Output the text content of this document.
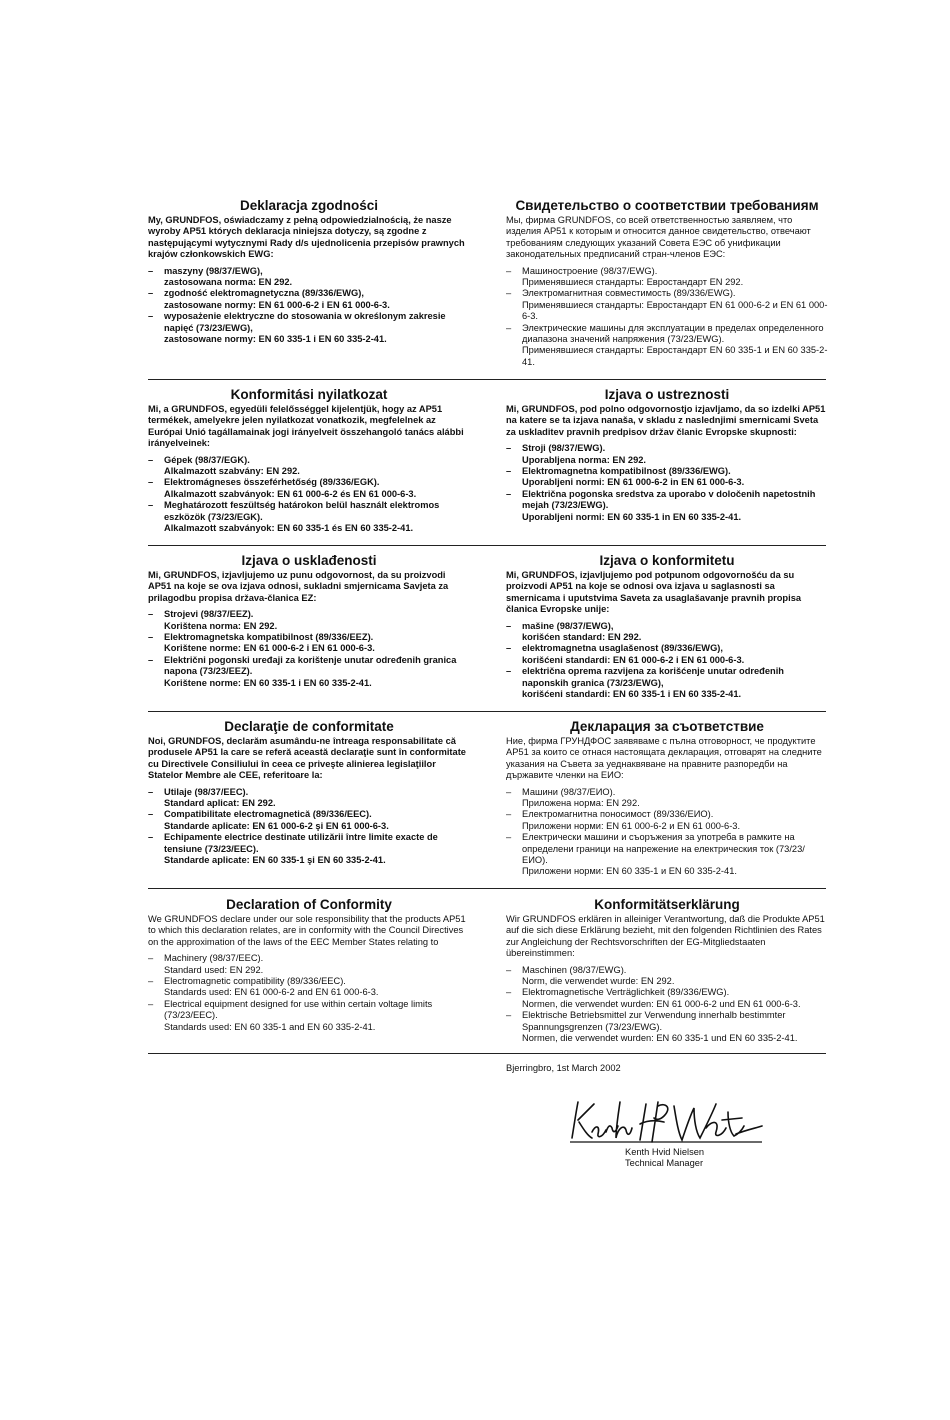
Deklaracja zgodności

My, GRUNDFOS, oświadczamy z pełną odpowiedzialnością, że nasze wyroby AP51 których deklaracja niniejsza dotyczy, są zgodne z następującymi wytycznymi Rady d/s ujednolicenia przepisów prawnych krajów członkowskich EWG:

– maszyny (98/37/EWG),
zastosowana norma: EN 292.
– zgodność elektromagnetyczna (89/336/EWG),
zastosowane normy: EN 61 000-6-2 i EN 61 000-6-3.
– wyposażenie elektryczne do stosowania w określonym zakresie napięć (73/23/EWG),
zastosowane normy: EN 60 335-1 i EN 60 335-2-41.
Свидетельство о соответствии требованиям

Мы, фирма GRUNDFOS, со всей ответственностью заявляем, что изделия AP51 к которым и относится данное свидетельство, отвечают требованиям следующих указаний Совета ЕЭС об унификации законодательных предписаний стран-членов ЕЭС:

– Машиностроение (98/37/EWG).
Применявшиеся стандарты: Евростандарт EN 292.
– Электромагнитная совместимость (89/336/EWG).
Применявшиеся стандарты: Евростандарт EN 61 000-6-2 и EN 61 000-6-3.
– Электрические машины для эксплуатации в пределах определенного диапазона значений напряжения (73/23/EWG).
Применявшиеся стандарты: Евростандарт EN 60 335-1 и EN 60 335-2-41.
Konformitási nyilatkozat

Mi, a GRUNDFOS, egyedüli felelősséggel kijelentjük, hogy az AP51 termékek, amelyekre jelen nyilatkozat vonatkozik, megfelelnek az Európai Unió tagállamainak jogi irányelveit összehangoló tanács alábbi irányelveinek:

– Gépek (98/37/EGK).
Alkalmazott szabvány: EN 292.
– Elektromágneses összeférhetőség (89/336/EGK).
Alkalmazott szabványok: EN 61 000-6-2 és EN 61 000-6-3.
– Meghatározott feszültség határokon belül használt elektromos eszközök (73/23/EGK).
Alkalmazott szabványok: EN 60 335-1 és EN 60 335-2-41.
Izjava o ustreznosti

Mi, GRUNDFOS, pod polno odgovornostjo izjavljamo, da so izdelki AP51 na katere se ta izjava nanaša, v skladu z naslednjimi smernicami Sveta za uskladitev pravnih predpisov držav članic Evropske skupnosti:

– Stroji (98/37/EWG).
Uporabljena norma: EN 292.
– Elektromagnetna kompatibilnost (89/336/EWG).
Uporabljeni normi: EN 61 000-6-2 in EN 61 000-6-3.
– Električna pogonska sredstva za uporabo v določenih napetostnih mejah (73/23/EWG).
Uporabljeni normi: EN 60 335-1 in EN 60 335-2-41.
Izjava o usklađenosti

Mi, GRUNDFOS, izjavljujemo uz punu odgovornost, da su proizvodi AP51 na koje se ova izjava odnosi, sukladni smjernicama Savjeta za prilagodbu propisa država-članica EZ:

– Strojevi (98/37/EEZ).
Korištena norma: EN 292.
– Elektromagnetska kompatibilnost (89/336/EEZ).
Korištene norme: EN 61 000-6-2 i EN 61 000-6-3.
– Električni pogonski uređaji za korištenje unutar određenih granica napona (73/23/EEZ).
Korištene norme: EN 60 335-1 i EN 60 335-2-41.
Izjava o konformitetu

Mi, GRUNDFOS, izjavljujemo pod potpunom odgovornošću da su proizvodi AP51 na koje se odnosi ova izjava u saglasnosti sa smernicama i uputstvima Saveta za usaglašavanje pravnih propisa članica Evropske unije:

– mašine (98/37/EWG),
korišćen standard: EN 292.
– elektromagnetna usaglašenost (89/336/EWG),
korišćeni standardi: EN 61 000-6-2 i EN 61 000-6-3.
– električna oprema razvijena za korišćenje unutar određenih naponskih granica (73/23/EWG),
korišćeni standardi: EN 60 335-1 i EN 60 335-2-41.
Declaraţie de conformitate

Noi, GRUNDFOS, declarăm asumându-ne întreaga responsabilitate că produsele AP51 la care se referă această declaraţie sunt în conformitate cu Directivele Consiliului în ceea ce priveşte alinierea legislaţiilor Statelor Membre ale CEE, referitoare la:

– Utilaje (98/37/EEC).
Standard aplicat: EN 292.
– Compatibilitate electromagnetică (89/336/EEC).
Standarde aplicate: EN 61 000-6-2 şi EN 61 000-6-3.
– Echipamente electrice destinate utilizării între limite exacte de tensiune (73/23/EEC).
Standarde aplicate: EN 60 335-1 şi EN 60 335-2-41.
Декларация за съответствие

Ние, фирма ГРУНДФОС заявяваме с пълна отговорност, че продуктите AP51 за които се отнася настоящата декларация, отговарят на следните указания на Съвета за уеднаквяване на правните разпоредби на държавите членки на ЕИО:

– Машини (98/37/ЕИО).
Приложена норма: EN 292.
– Електромагнитна поносимост (89/336/ЕИО).
Приложени норми: EN 61 000-6-2 и EN 61 000-6-3.
– Електрически машини и съоръжения за употреба в рамките на определени граници на напрежение на електрическия ток (73/23/ЕИО).
Приложени норми: EN 60 335-1 и EN 60 335-2-41.
Declaration of Conformity

We GRUNDFOS declare under our sole responsibility that the products AP51 to which this declaration relates, are in conformity with the Council Directives on the approximation of the laws of the EEC Member States relating to

– Machinery (98/37/EEC).
Standard used: EN 292.
– Electromagnetic compatibility (89/336/EEC).
Standards used: EN 61 000-6-2 and EN 61 000-6-3.
– Electrical equipment designed for use within certain voltage limits (73/23/EEC).
Standards used: EN 60 335-1 and EN 60 335-2-41.
Konformitätserklärung

Wir GRUNDFOS erklären in alleiniger Verantwortung, daß die Produkte AP51 auf die sich diese Erklärung bezieht, mit den folgenden Richtlinien des Rates zur Angleichung der Rechtsvorschriften der EG-Mitgliedstaaten übereinstimmen:

– Maschinen (98/37/EWG).
Norm, die verwendet wurde: EN 292.
– Elektromagnetische Verträglichkeit (89/336/EWG).
Normen, die verwendet wurden: EN 61 000-6-2 und EN 61 000-6-3.
– Elektrische Betriebsmittel zur Verwendung innerhalb bestimmter Spannungsgrenzen (73/23/EWG).
Normen, die verwendet wurden: EN 60 335-1 und EN 60 335-2-41.
Bjerringbro, 1st March 2002
Kenth Hvid Nielsen
Technical Manager
